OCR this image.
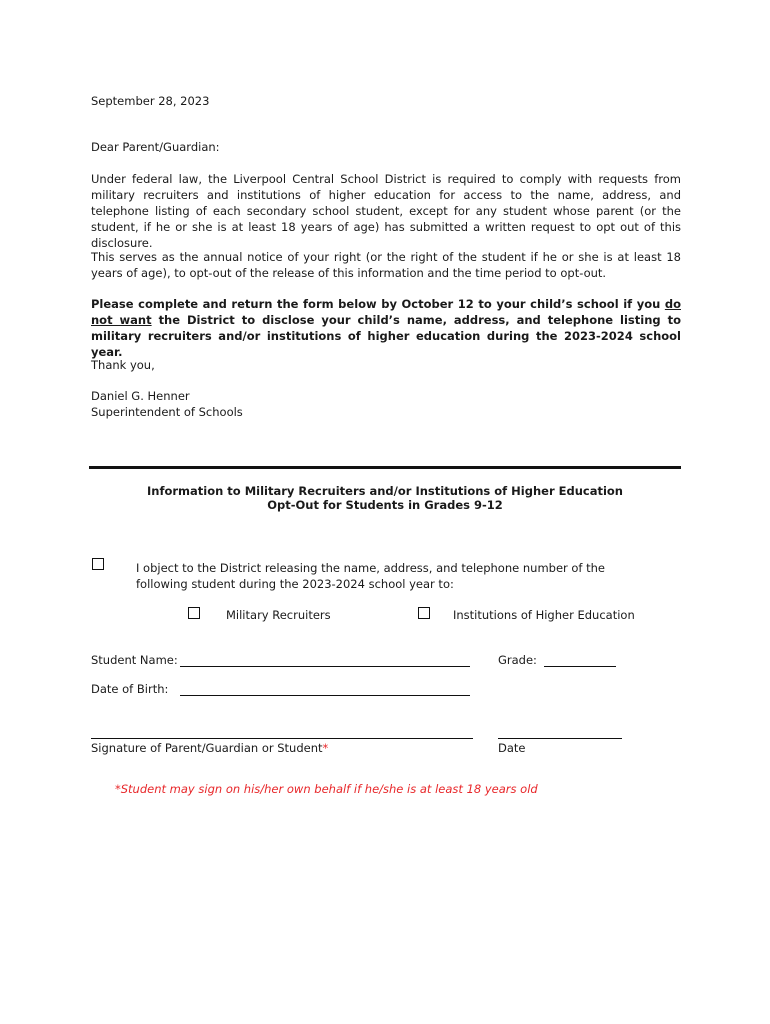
September 28, 2023
Dear Parent/Guardian:
Under federal law, the Liverpool Central School District is required to comply with requests from military recruiters and institutions of higher education for access to the name, address, and telephone listing of each secondary school student, except for any student whose parent (or the student, if he or she is at least 18 years of age) has submitted a written request to opt out of this disclosure.
This serves as the annual notice of your right (or the right of the student if he or she is at least 18 years of age), to opt-out of the release of this information and the time period to opt-out.
Please complete and return the form below by October 12 to your child’s school if you do not want the District to disclose your child’s name, address, and telephone listing to military recruiters and/or institutions of higher education during the 2023-2024 school year.
Thank you,
Daniel G. Henner
Superintendent of Schools
Information to Military Recruiters and/or Institutions of Higher Education
Opt-Out for Students in Grades 9-12
I object to the District releasing the name, address, and telephone number of the following student during the 2023-2024 school year to:
Military Recruiters	Institutions of Higher Education
Student Name:	Grade:
Date of Birth:
Signature of Parent/Guardian or Student*	Date
*Student may sign on his/her own behalf if he/she is at least 18 years old
